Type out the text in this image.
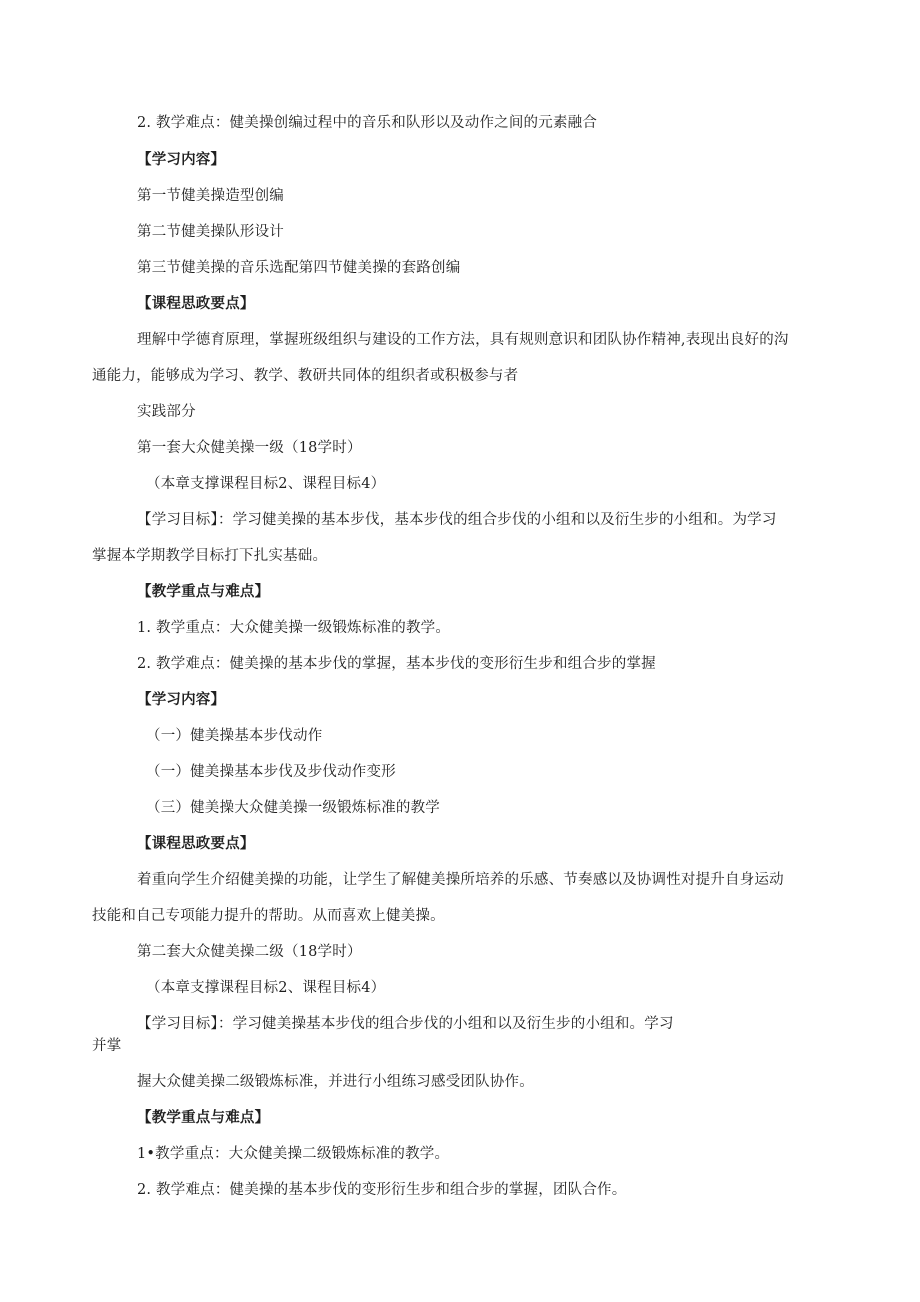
2. 教学难点：健美操创编过程中的音乐和队形以及动作之间的元素融合
【学习内容】
第一节健美操造型创编
第二节健美操队形设计
第三节健美操的音乐选配第四节健美操的套路创编
【课程思政要点】
理解中学德育原理，掌握班级组织与建设的工作方法，具有规则意识和团队协作精神,表现出良好的沟
通能力，能够成为学习、教学、教研共同体的组织者或积极参与者
实践部分
第一套大众健美操一级（18学时）
（本章支撑课程目标2、课程目标4）
【学习目标】：学习健美操的基本步伐，基本步伐的组合步伐的小组和以及衍生步的小组和。为学习
掌握本学期教学目标打下扎实基础。
【教学重点与难点】
1. 教学重点：大众健美操一级锻炼标准的教学。
2. 教学难点：健美操的基本步伐的掌握，基本步伐的变形衍生步和组合步的掌握
【学习内容】
（一）健美操基本步伐动作
（一）健美操基本步伐及步伐动作变形
（三）健美操大众健美操一级锻炼标准的教学
【课程思政要点】
着重向学生介绍健美操的功能，让学生了解健美操所培养的乐感、节奏感以及协调性对提升自身运动
技能和自己专项能力提升的帮助。从而喜欢上健美操。
第二套大众健美操二级（18学时）
（本章支撑课程目标2、课程目标4）
【学习目标】：学习健美操基本步伐的组合步伐的小组和以及衍生步的小组和。学习
并掌
握大众健美操二级锻炼标准，并进行小组练习感受团队协作。
【教学重点与难点】
1•教学重点：大众健美操二级锻炼标准的教学。
2. 教学难点：健美操的基本步伐的变形衍生步和组合步的掌握，团队合作。
